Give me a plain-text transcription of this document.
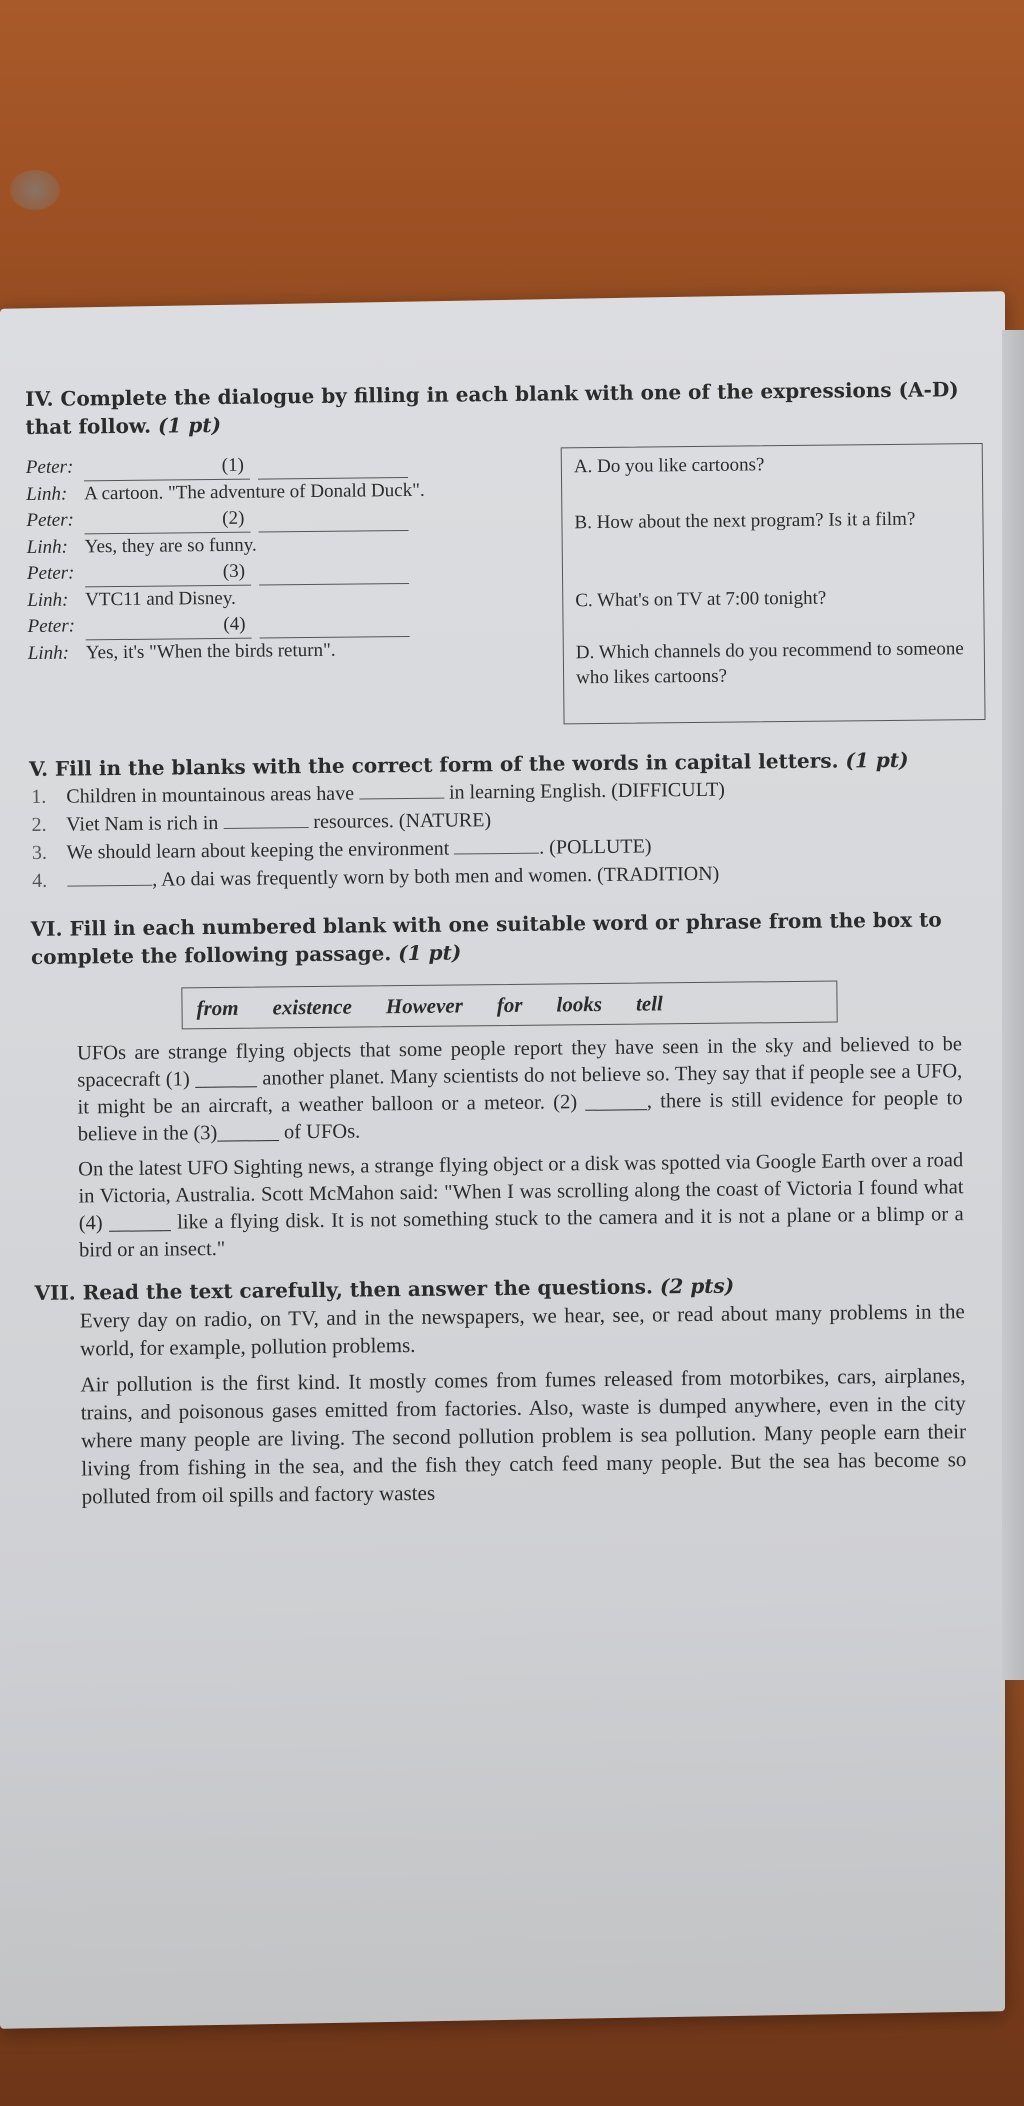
IV. Complete the dialogue by filling in each blank with one of the expressions (A-D) that follow. (1 pt)

Peter:	(1)
Linh: A cartoon. "The adventure of Donald Duck".
Peter:	(2)
Linh: Yes, they are so funny.
Peter:	(3)
Linh: VTC11 and Disney.
Peter:	(4)
Linh: Yes, it's "When the birds return".
A. Do you like cartoons?
B. How about the next program? Is it a film?
C. What's on TV at 7:00 tonight?
D. Which channels do you recommend to someone who likes cartoons?

V. Fill in the blanks with the correct form of the words in capital letters. (1 pt)

1. Children in mountainous areas have	in learning English. (DIFFICULT)
2. Viet Nam is rich in	resources. (NATURE)
3. We should learn about keeping the environment	. (POLLUTE)
4.	, Ao dai was frequently worn by both men and women. (TRADITION)

VI. Fill in each numbered blank with one suitable word or phrase from the box to complete the following passage. (1 pt)

from existence However for looks tell

UFOs are strange flying objects that some people report they have seen in the sky and believed to be spacecraft (1) ______ another planet. Many scientists do not believe so. They say that if people see a UFO, it might be an aircraft, a weather balloon or a meteor. (2) ______, there is still evidence for people to believe in the (3)______ of UFOs.

On the latest UFO Sighting news, a strange flying object or a disk was spotted via Google Earth over a road in Victoria, Australia. Scott McMahon said: "When I was scrolling along the coast of Victoria I found what (4) ______ like a flying disk. It is not something stuck to the camera and it is not a plane or a blimp or a bird or an insect."

VII. Read the text carefully, then answer the questions. (2 pts)

Every day on radio, on TV, and in the newspapers, we hear, see, or read about many problems in the world, for example, pollution problems.

Air pollution is the first kind. It mostly comes from fumes released from motorbikes, cars, airplanes, trains, and poisonous gases emitted from factories. Also, waste is dumped anywhere, even in the city where many people are living. The second pollution problem is sea pollution. Many people earn their living from fishing in the sea, and the fish they catch feed many people. But the sea has become so polluted from oil spills and factory wastes
